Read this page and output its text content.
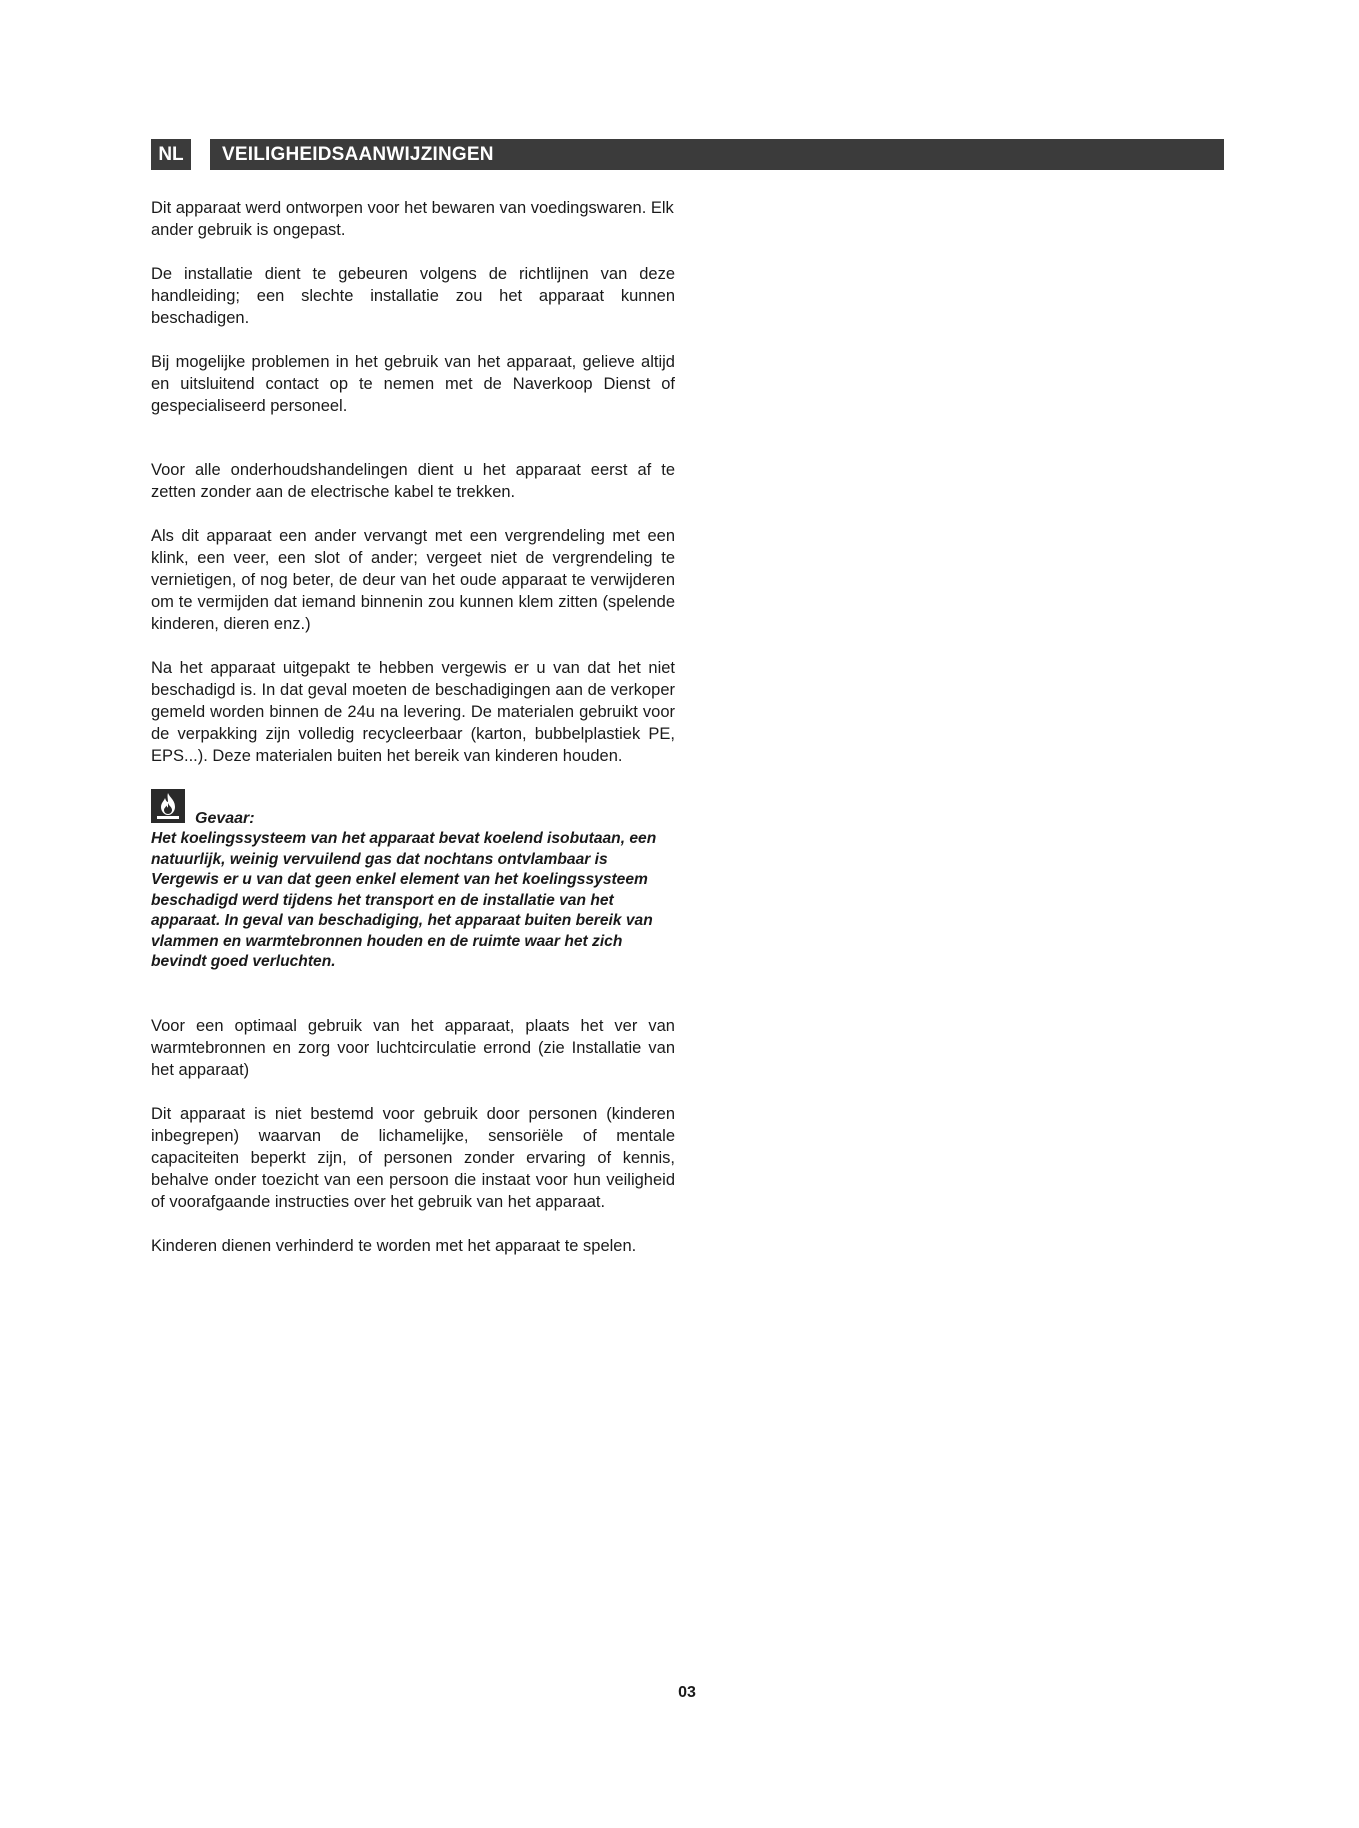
NL	VEILIGHEIDSAANWIJZINGEN

Dit apparaat werd ontworpen voor het bewaren van voedingswaren. Elk ander gebruik is ongepast.

De installatie dient te gebeuren volgens de richtlijnen van deze handleiding; een slechte installatie zou het apparaat kunnen beschadigen.

Bij mogelijke problemen in het gebruik van het apparaat, gelieve altijd en uitsluitend contact op te nemen met de Naverkoop Dienst of gespecialiseerd personeel.

Voor alle onderhoudshandelingen dient u het apparaat eerst af te zetten zonder aan de electrische kabel te trekken.

Als dit apparaat een ander vervangt met een vergrendeling met een klink, een veer, een slot of ander; vergeet niet de vergrendeling te vernietigen, of nog beter, de deur van het oude apparaat te verwijderen om te vermijden dat iemand binnenin zou kunnen klem zitten (spelende kinderen, dieren enz.)

Na het apparaat uitgepakt te hebben vergewis er u van dat het niet beschadigd is. In dat geval moeten de beschadigingen aan de verkoper gemeld worden binnen de 24u na levering. De materialen gebruikt voor de verpakking zijn volledig recycleerbaar (karton, bubbelplastiek PE, EPS...). Deze materialen buiten het bereik van kinderen houden.

Gevaar:
Het koelingssysteem van het apparaat bevat koelend isobutaan, een natuurlijk, weinig vervuilend gas dat nochtans ontvlambaar is Vergewis er u van dat geen enkel element van het koelingssysteem beschadigd werd tijdens het transport en de installatie van het apparaat. In geval van beschadiging, het apparaat buiten bereik van vlammen en warmtebronnen houden en de ruimte waar het zich bevindt goed verluchten.

Voor een optimaal gebruik van het apparaat, plaats het ver van warmtebronnen en zorg voor luchtcirculatie errond (zie Installatie van het apparaat)

Dit apparaat is niet bestemd voor gebruik door personen (kinderen inbegrepen) waarvan de lichamelijke, sensoriële of mentale capaciteiten beperkt zijn, of personen zonder ervaring of kennis, behalve onder toezicht van een persoon die instaat voor hun veiligheid of voorafgaande instructies over het gebruik van het apparaat.

Kinderen dienen verhinderd te worden met het apparaat te spelen.

03
